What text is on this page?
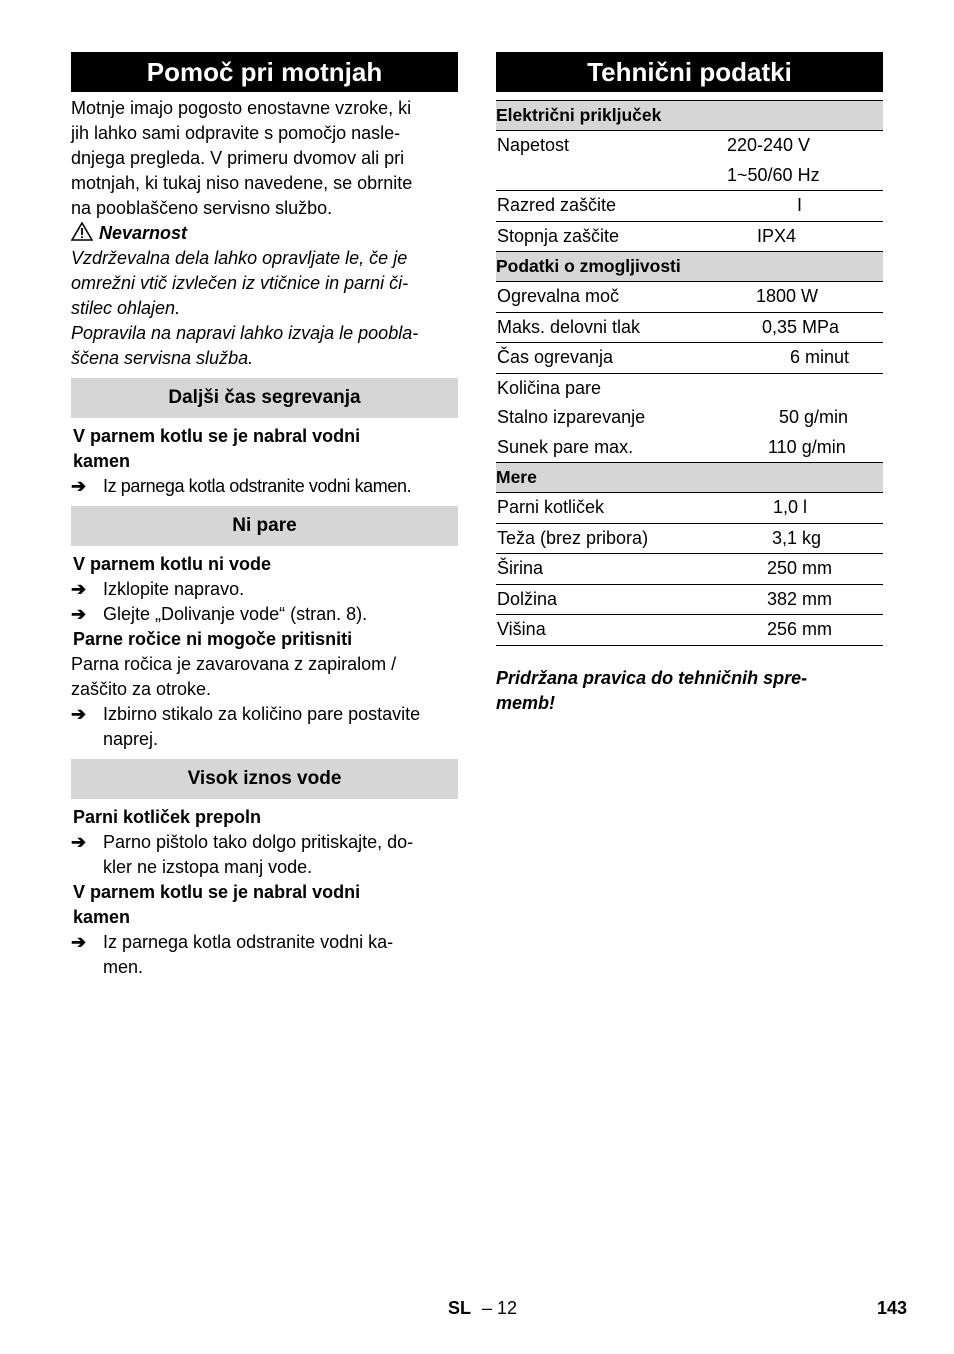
Pomoč pri motnjah
Motnje imajo pogosto enostavne vzroke, ki
jih lahko sami odpravite s pomočjo nasle-
dnjega pregleda. V primeru dvomov ali pri
motnjah, ki tukaj niso navedene, se obrnite
na pooblaščeno servisno službo.
Nevarnost
Vzdrževalna dela lahko opravljate le, če je
omrežni vtič izvlečen iz vtičnice in parni či-
stilec ohlajen.
Popravila na napravi lahko izvaja le poobla-
ščena servisna služba.
Daljši čas segrevanja
V parnem kotlu se je nabral vodni
kamen
➔ Iz parnega kotla odstranite vodni kamen.
Ni pare
V parnem kotlu ni vode
➔ Izklopite napravo.
➔ Glejte „Dolivanje vode“ (stran. 8).
Parne ročice ni mogoče pritisniti
Parna ročica je zavarovana z zapiralom /
zaščito za otroke.
➔ Izbirno stikalo za količino pare postavite
naprej.
Visok iznos vode
Parni kotliček prepoln
➔ Parno pištolo tako dolgo pritiskajte, do-
kler ne izstopa manj vode.
V parnem kotlu se je nabral vodni
kamen
➔ Iz parnega kotla odstranite vodni ka-
men.
Tehnični podatki
Električni priključek	
Napetost	220-240 V
	1~50/60 Hz
Razred zaščite	I
Stopnja zaščite	IPX4
Podatki o zmogljivosti	
Ogrevalna moč	1800 W
Maks. delovni tlak	0,35 MPa
Čas ogrevanja	6 minut
Količina pare	
Stalno izparevanje	50 g/min
Sunek pare max.	110 g/min
Mere	
Parni kotliček	1,0 l
Teža (brez pribora)	3,1 kg
Širina	250 mm
Dolžina	382 mm
Višina	256 mm
Pridržana pravica do tehničnih spre-
memb!
SL – 12	143
